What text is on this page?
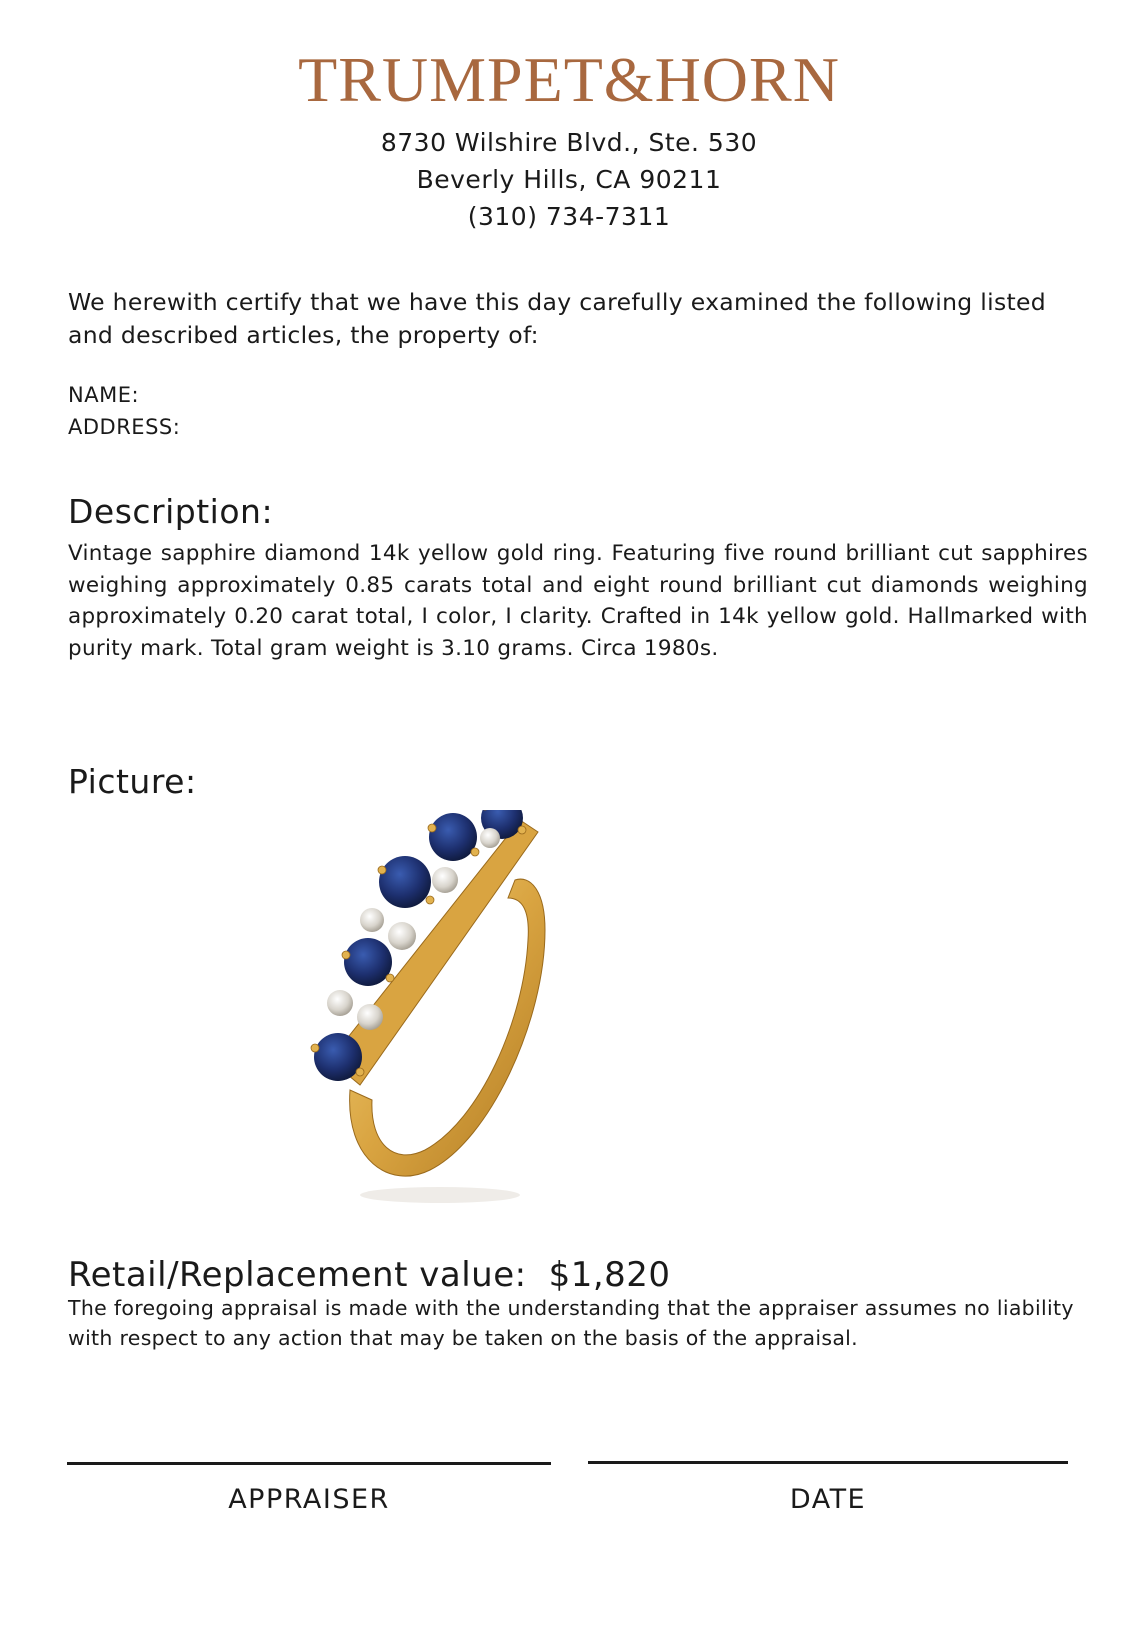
TRUMPET&HORN
8730 Wilshire Blvd., Ste. 530
Beverly Hills, CA 90211
(310) 734-7311
We herewith certify that we have this day carefully examined the following listed and described articles, the property of:
NAME:
ADDRESS:
Description:
Vintage sapphire diamond 14k yellow gold ring. Featuring five round brilliant cut sapphires weighing approximately 0.85 carats total and eight round brilliant cut diamonds weighing approximately 0.20 carat total, I color, I clarity. Crafted in 14k yellow gold. Hallmarked with purity mark. Total gram weight is 3.10 grams. Circa 1980s.
Picture:
Retail/Replacement value: $1,820
The foregoing appraisal is made with the understanding that the appraiser assumes no liability with respect to any action that may be taken on the basis of the appraisal.
APPRAISER	DATE
